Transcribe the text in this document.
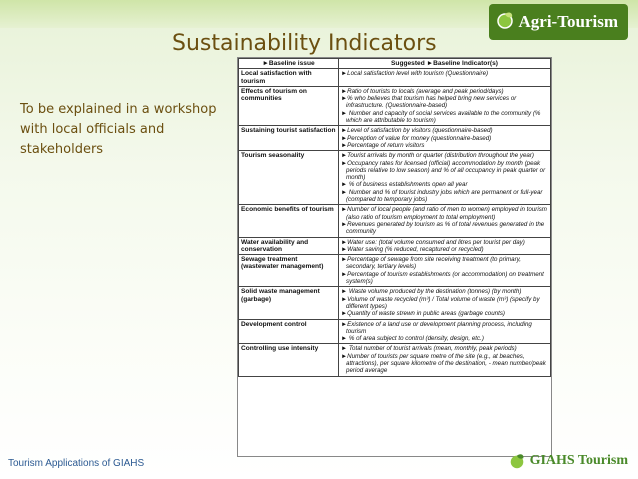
Agri-Tourism
Sustainability Indicators
To be explained in a workshop with local officials and stakeholders
►Baseline issue	Suggested ►Baseline Indicator(s)
Local satisfaction with tourism	►Local satisfaction level with tourism (Questionnaire)

Effects of tourism on communities	►Ratio of tourists to locals (average and peak period/days)
►% who believes that tourism has helped bring new services or infrastructure. (Questionnaire-based)
► Number and capacity of social services available to the community (% which are attributable to tourism)

Sustaining tourist satisfaction	►Level of satisfaction by visitors (questionnaire-based)
►Perception of value for money (questionnaire-based)
►Percentage of return visitors

Tourism seasonality	►Tourist arrivals by month or quarter (distribution throughout the year)
►Occupancy rates for licensed (official) accommodation by month (peak periods relative to low season) and % of all occupancy in peak quarter or month)
► % of business establishments open all year
► Number and % of tourist industry jobs which are permanent or full-year (compared to temporary jobs)

Economic benefits of tourism	►Number of local people (and ratio of men to women) employed in tourism (also ratio of tourism employment to total employment)
►Revenues generated by tourism as % of total revenues generated in the community

Water availability and conservation	►Water use: (total volume consumed and litres per tourist per day)
►Water saving (% reduced, recaptured or recycled)

Sewage treatment (wastewater management)	►Percentage of sewage from site receiving treatment (to primary, secondary, tertiary levels)
►Percentage of tourism establishments (or accommodation) on treatment system(s)

Solid waste management (garbage)	► Waste volume produced by the destination (tonnes) (by month)
►Volume of waste recycled (m³) / Total volume of waste (m³) (specify by different types)
►Quantity of waste strewn in public areas (garbage counts)

Development control	►Existence of a land use or development planning process, including tourism
► % of area subject to control (density, design, etc.)

Controlling use intensity	► Total number of tourist arrivals (mean, monthly, peak periods)
►Number of tourists per square metre of the site (e.g., at beaches, attractions), per square kilometre of the destination, - mean number/peak period average
Tourism Applications of GIAHS	GIAHS Tourism
